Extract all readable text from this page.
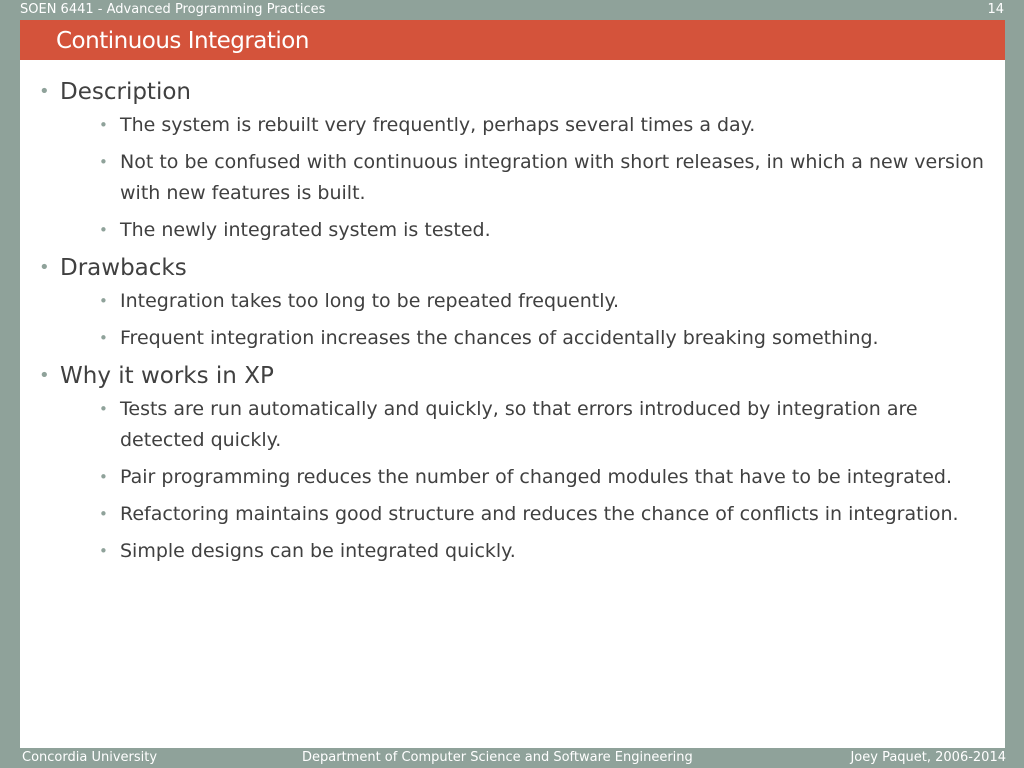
SOEN 6441 - Advanced Programming Practices	14
Continuous Integration
• Description
• The system is rebuilt very frequently, perhaps several times a day.
• Not to be confused with continuous integration with short releases, in which a new version with new features is built.
• The newly integrated system is tested.
• Drawbacks
• Integration takes too long to be repeated frequently.
• Frequent integration increases the chances of accidentally breaking something.
• Why it works in XP
• Tests are run automatically and quickly, so that errors introduced by integration are detected quickly.
• Pair programming reduces the number of changed modules that have to be integrated.
• Refactoring maintains good structure and reduces the chance of conflicts in integration.
• Simple designs can be integrated quickly.
Concordia University	Department of Computer Science and Software Engineering	Joey Paquet, 2006-2014
